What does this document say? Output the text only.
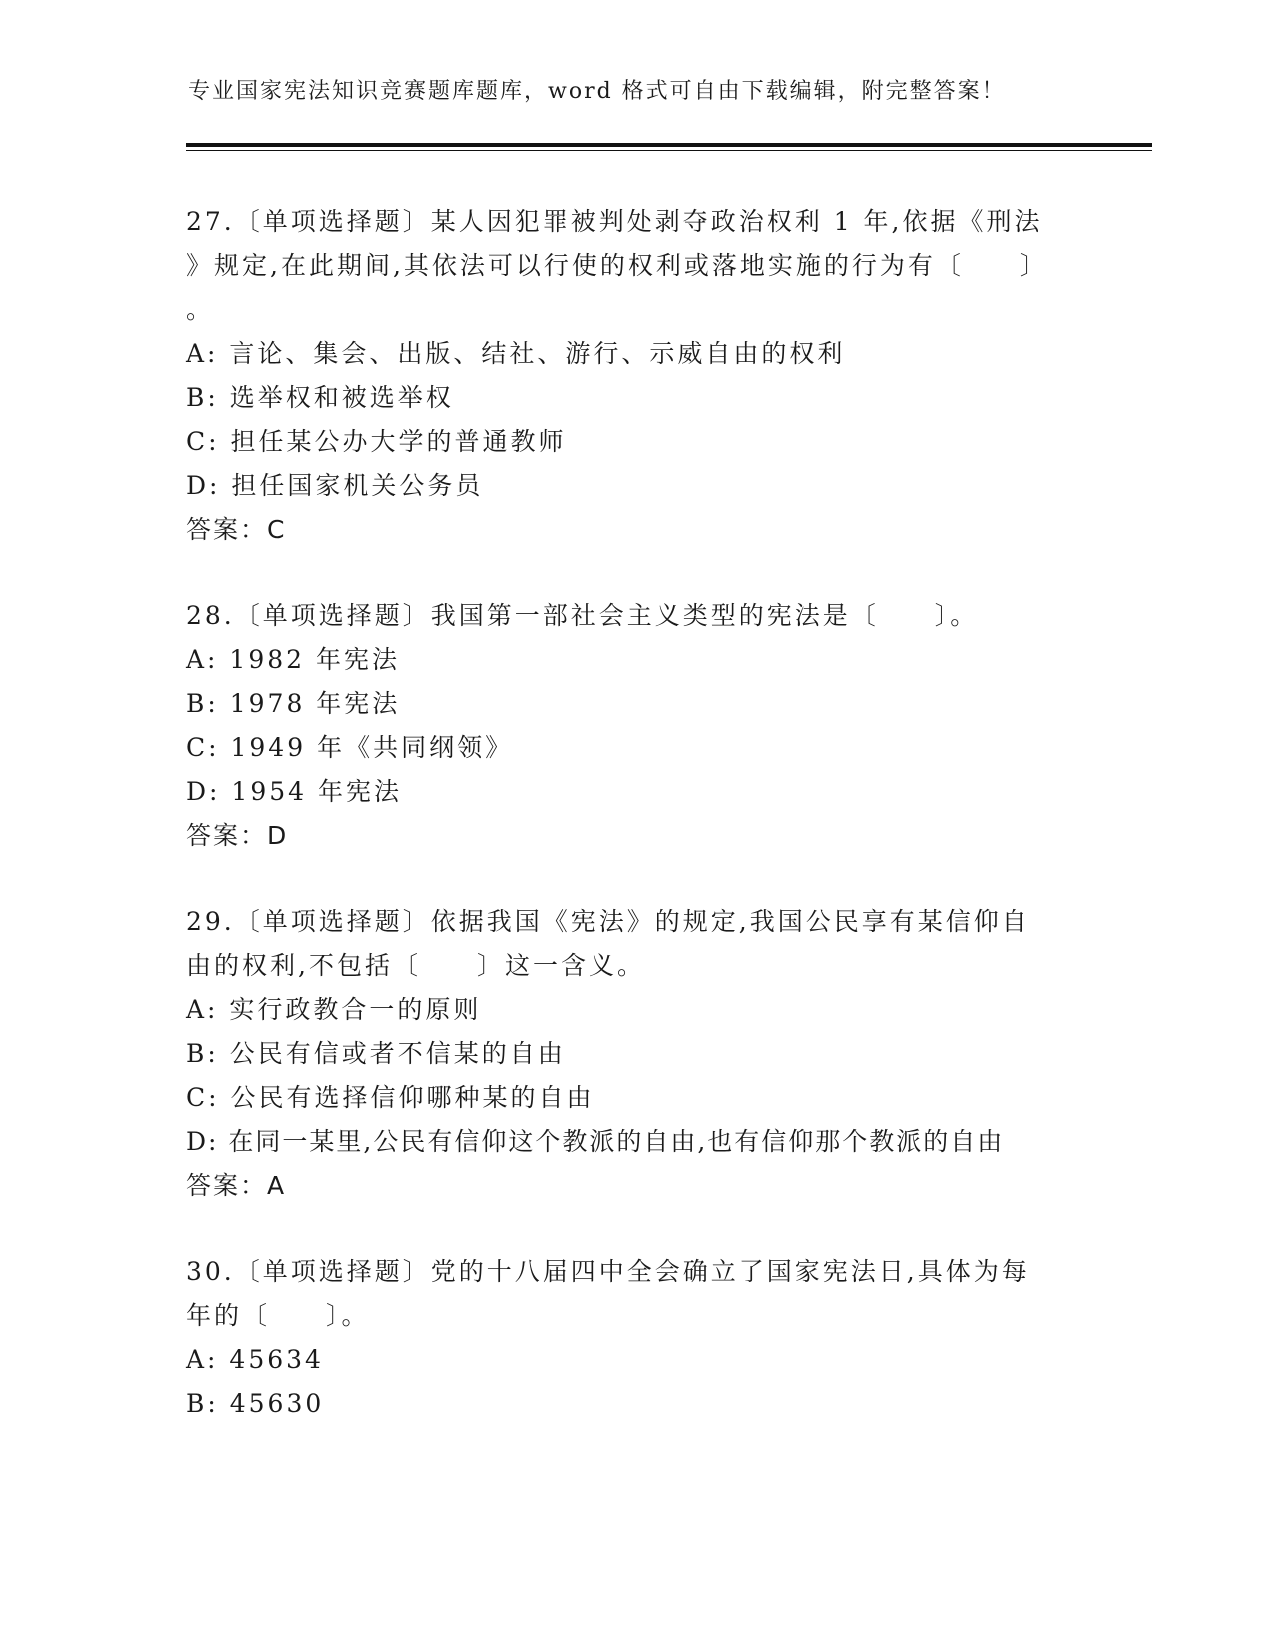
专业国家宪法知识竞赛题库题库，word 格式可自由下载编辑，附完整答案！
27.〔单项选择题〕某人因犯罪被判处剥夺政治权利 1 年,依据《刑法
》规定,在此期间,其依法可以行使的权利或落地实施的行为有〔　　〕
。
A: 言论、集会、出版、结社、游行、示威自由的权利
B: 选举权和被选举权
C: 担任某公办大学的普通教师
D: 担任国家机关公务员
答案：C
28.〔单项选择题〕我国第一部社会主义类型的宪法是〔　　〕。
A: 1982 年宪法
B: 1978 年宪法
C: 1949 年《共同纲领》
D: 1954 年宪法
答案：D
29.〔单项选择题〕依据我国《宪法》的规定,我国公民享有某信仰自
由的权利,不包括〔　　〕这一含义。
A: 实行政教合一的原则
B: 公民有信或者不信某的自由
C: 公民有选择信仰哪种某的自由
D: 在同一某里,公民有信仰这个教派的自由,也有信仰那个教派的自由
答案：A
30.〔单项选择题〕党的十八届四中全会确立了国家宪法日,具体为每
年的〔　　〕。
A: 45634
B: 45630
